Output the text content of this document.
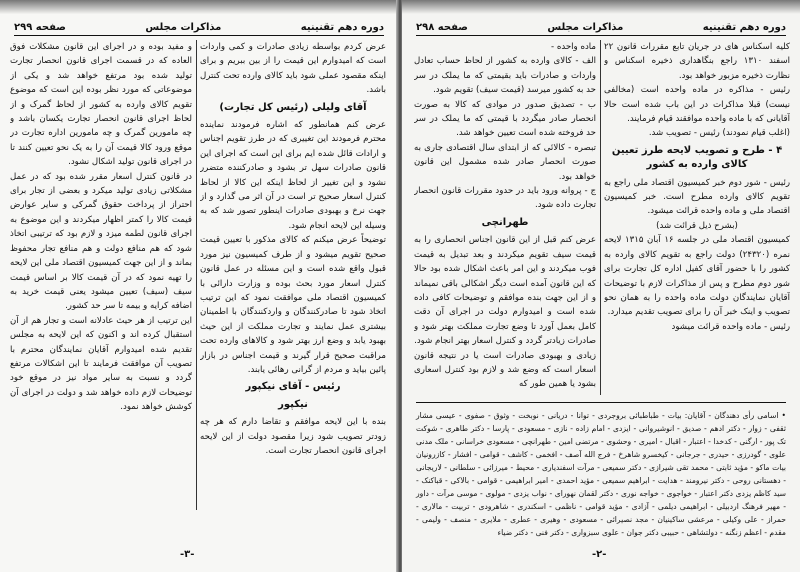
دوره دهم تقنینیه
مذاکرات مجلس
صفحه ۲۹۹

عرض کردم بواسطه زیادی صادرات و کمی واردات است که امیدوارم این قیمت را از بین ببریم و برای اینکه مقصود عملی شود باید کالای وارده تحت کنترل باشد.

آقای ولیلی (رئیس کل تجارت)

عرض کنم همانطور که اشاره فرمودند نماینده محترم فرمودند این تغییری که در طرز تقویم اجناس و ارادات قائل شده ایم برای این است که اجرای این قانون صادرات سهل تر بشود و صادرکننده متضرر نشود و این تغییر از لحاظ اینکه این کالا از لحاظ کنترل اسعار صحیح تر است در آن اثر می گذارد و از جهت نرخ و بهبودی صادرات اینطور تصور شد که به وسیله این لایحه انجام شود.

توضیحاً عرض میکنم که کالای مذکور با تعیین قیمت صحیح تقویم میشود و از طرف کمیسیون نیز مورد قبول واقع شده است و این مسئله در عمل قانون کنترل اسعار مورد بحث بوده و وزارت دارائی با کمیسیون اقتصاد ملی موافقت نمود که این ترتیب اتخاذ شود تا صادرکنندگان و واردکنندگان با اطمینان بیشتری عمل نمایند و تجارت مملکت از این حیث بهبود یابد و وضع ارز بهتر شود و کالاهای وارده تحت مراقبت صحیح قرار گیرند و قیمت اجناس در بازار پائین بیاید و مردم از گرانی رهائی یابند.

رئیس - آقای نیکپور
نیکپور

بنده با این لایحه موافقم و تقاضا دارم که هر چه زودتر تصویب شود زیرا مقصود دولت از این لایحه اجرای قانون انحصار تجارت است.

و مفید بوده و در اجرای این قانون مشکلات فوق العاده که در قسمت اجرای قانون انحصار تجارت تولید شده بود مرتفع خواهد شد و یکی از موضوعاتی که مورد نظر بوده این است که موضوع تقویم کالای وارده به کشور از لحاظ گمرک و از لحاظ اجرای قانون انحصار تجارت یکسان باشد و چه مامورین گمرک و چه مامورین اداره تجارت در موقع ورود کالا قیمت آن را به یک نحو تعیین کنند تا در اجرای قانون تولید اشکال نشود.

در قانون کنترل اسعار مقرر شده بود که در عمل مشکلاتی زیادی تولید میکرد و بعضی از تجار برای احتراز از پرداخت حقوق گمرکی و سایر عوارض قیمت کالا را کمتر اظهار میکردند و این موضوع به اجرای قانون لطمه میزد و لازم بود که ترتیبی اتخاذ شود که هم منافع دولت و هم منافع تجار محفوظ بماند و از این جهت کمیسیون اقتصاد ملی این لایحه را تهیه نمود که در آن قیمت کالا بر اساس قیمت سیف (سیف) تعیین میشود یعنی قیمت خرید به اضافه کرایه و بیمه تا سر حد کشور.

این ترتیب از هر حیث عادلانه است و تجار هم از آن استقبال کرده اند و اکنون که این لایحه به مجلس تقدیم شده امیدوارم آقایان نمایندگان محترم با تصویب آن موافقت فرمایند تا این اشکالات مرتفع گردد و نسبت به سایر مواد نیز در موقع خود توضیحات لازم داده خواهد شد و دولت در اجرای آن کوشش خواهد نمود.

-۳-
دوره دهم تقنینیه
مذاکرات مجلس
صفحه ۲۹۸

کلیه اسکناس های در جریان تابع مقررات قانون ۲۲ اسفند ۱۳۱۰ راجع بنگاهداری ذخیره اسکناس و نظارت ذخیره مزبور خواهد بود.

رئیس - مذاکره در ماده واحده است (مخالفی نیست) قبلا مذاکرات در این باب شده است حالا آقایانی که با ماده واحده موافقند قیام فرمایند.

(اغلب قیام نمودند) رئیس - تصویب شد.

۴ - طرح و تصویب لایحه طرز تعیین کالای وارده به کشور

رئیس - شور دوم خبر کمیسیون اقتصاد ملی راجع به تقویم کالای وارده مطرح است. خبر کمیسیون اقتصاد ملی و ماده واحده قرائت میشود.

(بشرح ذیل قرائت شد)

کمیسیون اقتصاد ملی در جلسه ۱۶ آبان ۱۳۱۵ لایحه نمره (۲۴۳۲۰) دولت راجع به تقویم کالای وارده به کشور را با حضور آقای کفیل اداره کل تجارت برای شور دوم مطرح و پس از مذاکرات لازم با توضیحات آقایان نمایندگان دولت ماده واحده را به همان نحو تصویب و اینک خبر آن را برای تصویب تقدیم میدارد.

رئیس - ماده واحده قرائت میشود

ماده واحده -

الف - کالای وارده به کشور از لحاظ حساب تعادل واردات و صادرات باید بقیمتی که ما یملک در سر حد به کشور میرسد (قیمت سیف) تقویم شود.

ب - تصدیق صدور در موادی که کالا به صورت انحصار صادر میگردد با قیمتی که ما یملک در سر حد فروخته شده است تعیین خواهد شد.

تبصره - کالائی که از ابتدای سال اقتصادی جاری به صورت انحصار صادر شده مشمول این قانون خواهد بود.

ج - پروانه ورود باید در حدود مقررات قانون انحصار تجارت داده شود.

طهرانچی

عرض کنم قبل از این قانون اجناس انحصاری را به قیمت سیف تقویم میکردند و بعد تبدیل به قیمت فوب میکردند و این امر باعث اشکال شده بود حالا که این قانون آمده است دیگر اشکالی باقی نمیماند و از این جهت بنده موافقم و توضیحات کافی داده شده است و امیدوارم دولت در اجرای آن دقت کامل بعمل آورد تا وضع تجارت مملکت بهتر شود و صادرات زیادتر گردد و کنترل اسعار بهتر انجام شود.

زیادی و بهبودی صادرات است یا در نتیجه قانون اسعار است که وضع شد و لازم بود کنترل اسعاری بشود یا همین طور که

• اسامی رأی دهندگان - آقایان: بیات - طباطبائی بروجردی - توانا - دریانی - نوبخت - وثوق - صفوی - عیسی مشار ثقفی - زوار - دکتر ادهم - صدیق - انوشیروانی - ایزدی - امام زاده - نازی - مسعودی - پارسا - دکتر طاهری - شوکت تک پور - ارگنی - کدخدا - اعتبار - اقبال - امیری - وحشوی - مرتضی امین - طهرانچی - مسعودی خراسانی - ملک مدنی علوی - گودرزی - حیدری - جرجانی - کیخسرو شاهرخ - فرج الله آصف - افخمی - کاشف - قوامی - افشار - کازرونیان بیات ماکو - مؤید ثابتی - محمد تقی شیرازی - دکتر سمیعی - مرآت اسفندیاری - محیط - میرزائی - سلطانی - لاریجانی - دهستانی روحی - دکتر نیرومند - هدایت - ابراهیم سمیعی - مؤید احمدی - امیر ابراهیمی - قوامی - بالاکی - قباکنک - سید کاظم یزدی دکتر اعتبار - خواجوی - خواجه نوری - دکتر لقمان نهورای - نواب یزدی - مولوی - موسی مرآت - داور - مهیر فرهنگ اردبیلی - ابراهیمی دیلمی - آزادی - مؤید قوامی - ناظمی - اسکندری - شاهرودی - تربیت - مالاری - حمراز - علی وکیلی - مرعشی ساکینیان - مجد نصیرائی - مسعودی - وهیری - عطری - ملایری - منصف - ولیمی - مقدم - اعظم زنگنه - دولتشاهی - حبیبی دکتر جوان - علوی سبزواری - دکتر فنی - دکتر ضیاء
-۲-
